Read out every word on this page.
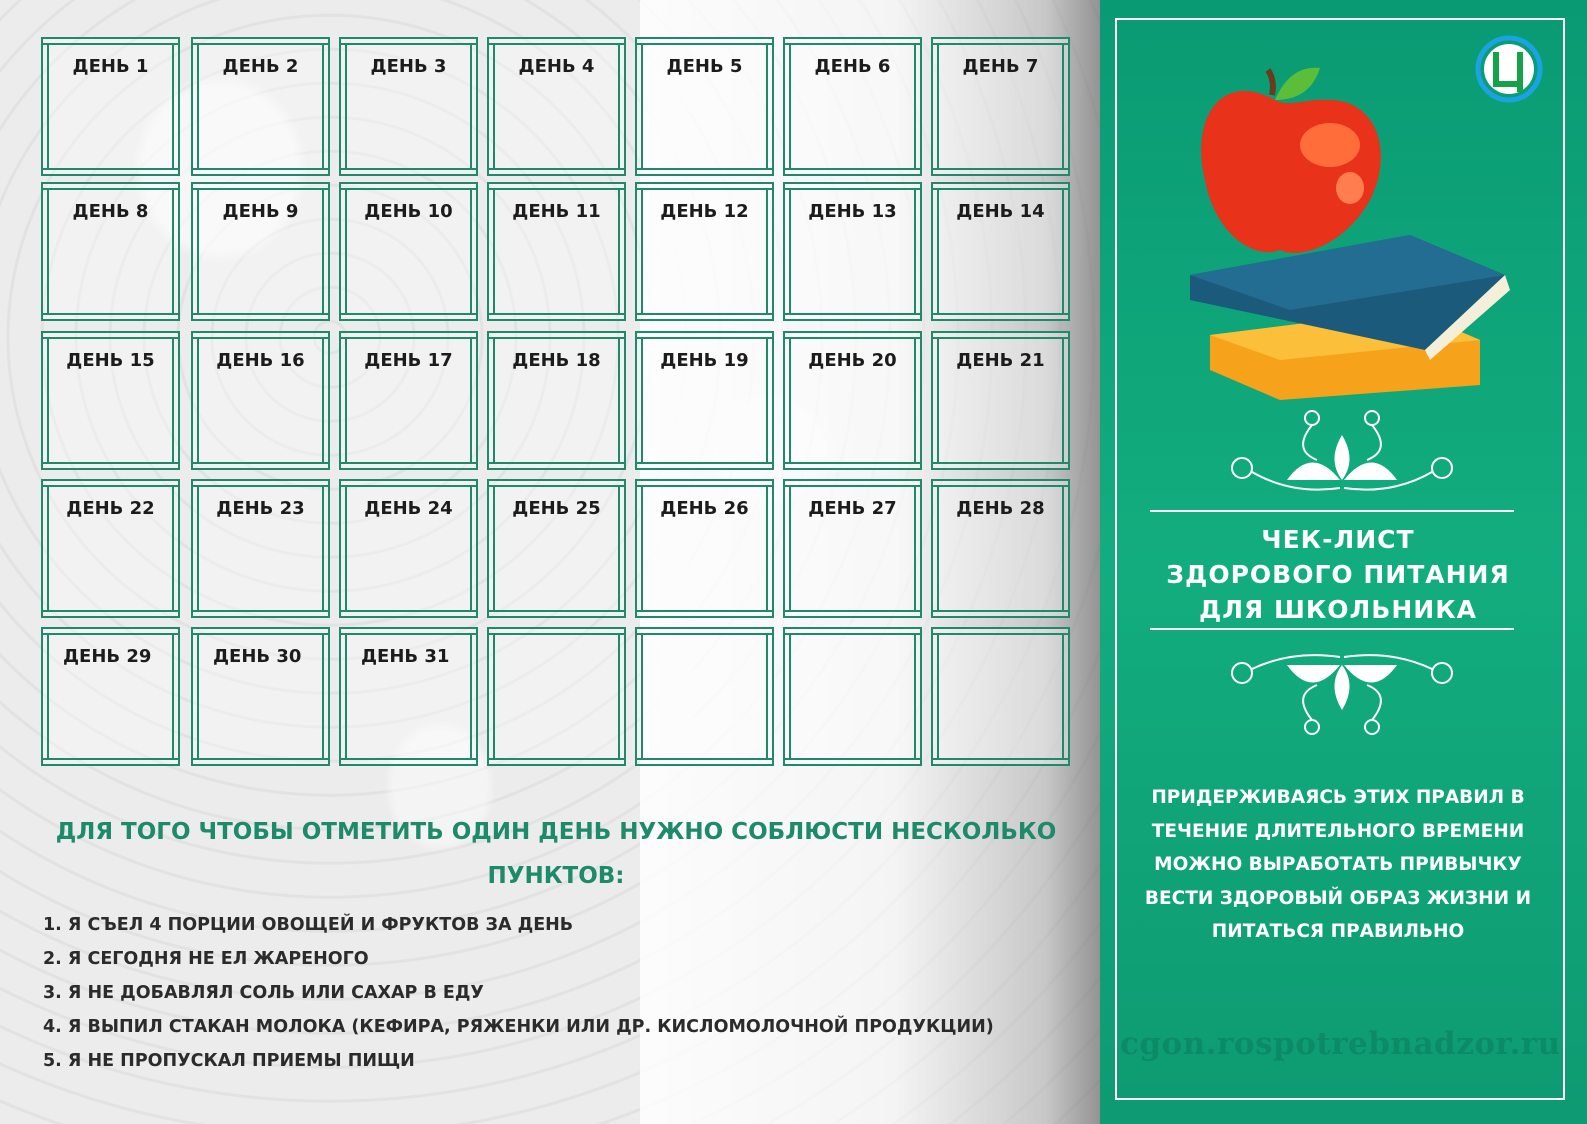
ДЕНЬ 1	ДЕНЬ 2	ДЕНЬ 3	ДЕНЬ 4	ДЕНЬ 5	ДЕНЬ 6	ДЕНЬ 7
ДЕНЬ 8	ДЕНЬ 9	ДЕНЬ 10	ДЕНЬ 11	ДЕНЬ 12	ДЕНЬ 13	ДЕНЬ 14
ДЕНЬ 15	ДЕНЬ 16	ДЕНЬ 17	ДЕНЬ 18	ДЕНЬ 19	ДЕНЬ 20	ДЕНЬ 21
ДЕНЬ 22	ДЕНЬ 23	ДЕНЬ 24	ДЕНЬ 25	ДЕНЬ 26	ДЕНЬ 27	ДЕНЬ 28
ДЕНЬ 29	ДЕНЬ 30	ДЕНЬ 31
ДЛЯ ТОГО ЧТОБЫ ОТМЕТИТЬ ОДИН ДЕНЬ НУЖНО СОБЛЮСТИ НЕСКОЛЬКО
ПУНКТОВ:
1. Я СЪЕЛ 4 ПОРЦИИ ОВОЩЕЙ И ФРУКТОВ ЗА ДЕНЬ
2. Я СЕГОДНЯ НЕ ЕЛ ЖАРЕНОГО
3. Я НЕ ДОБАВЛЯЛ СОЛЬ ИЛИ САХАР В ЕДУ
4. Я ВЫПИЛ СТАКАН МОЛОКА (КЕФИРА, РЯЖЕНКИ ИЛИ ДР. КИСЛОМОЛОЧНОЙ ПРОДУКЦИИ)
5. Я НЕ ПРОПУСКАЛ ПРИЕМЫ ПИЩИ
ЧЕК-ЛИСТ
ЗДОРОВОГО ПИТАНИЯ
ДЛЯ ШКОЛЬНИКА
ПРИДЕРЖИВАЯСЬ ЭТИХ ПРАВИЛ В
ТЕЧЕНИЕ ДЛИТЕЛЬНОГО ВРЕМЕНИ
МОЖНО ВЫРАБОТАТЬ ПРИВЫЧКУ
ВЕСТИ ЗДОРОВЫЙ ОБРАЗ ЖИЗНИ И
ПИТАТЬСЯ ПРАВИЛЬНО
cgon.rospotrebnadzor.ru
